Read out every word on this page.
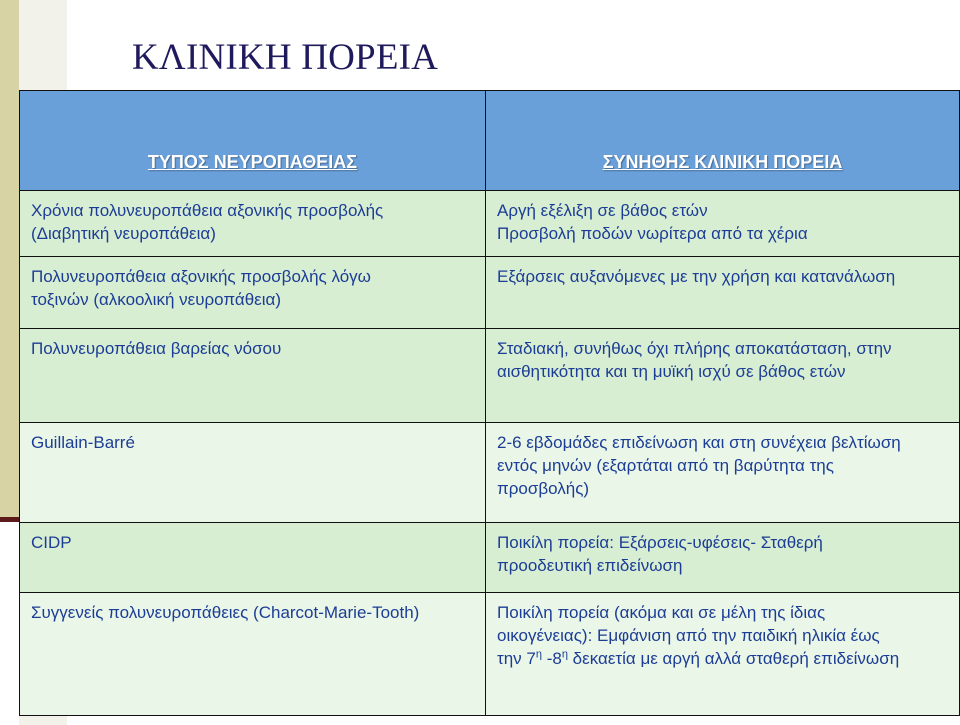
ΚΛΙΝΙΚΗ ΠΟΡΕΙΑ
ΤΥΠΟΣ ΝΕΥΡΟΠΑΘΕΙΑΣ	ΣΥΝΗΘΗΣ ΚΛΙΝΙΚΗ ΠΟΡΕΙΑ

Χρόνια πολυνευροπάθεια αξονικής προσβολής
(Διαβητική νευροπάθεια)	Αργή εξέλιξη σε βάθος ετών
Προσβολή ποδών νωρίτερα από τα χέρια

Πολυνευροπάθεια αξονικής προσβολής λόγω
τοξινών (αλκοολική νευροπάθεια)	Εξάρσεις αυξανόμενες με την χρήση και κατανάλωση

Πολυνευροπάθεια βαρείας νόσου	Σταδιακή, συνήθως όχι πλήρης αποκατάσταση, στην
αισθητικότητα και τη μυϊκή ισχύ σε βάθος ετών

Guillain-Barré	2-6 εβδομάδες επιδείνωση και στη συνέχεια βελτίωση
εντός μηνών (εξαρτάται από τη βαρύτητα της
προσβολής)

CIDP	Ποικίλη πορεία: Εξάρσεις-υφέσεις- Σταθερή
προοδευτική επιδείνωση

Συγγενείς πολυνευροπάθειες (Charcot-Marie-Tooth)	Ποικίλη πορεία (ακόμα και σε μέλη της ίδιας
οικογένειας): Εμφάνιση από την παιδική ηλικία έως
την $7^\eta$ $-8^\eta$ δεκαετία με αργή αλλά σταθερή επιδείνωση
